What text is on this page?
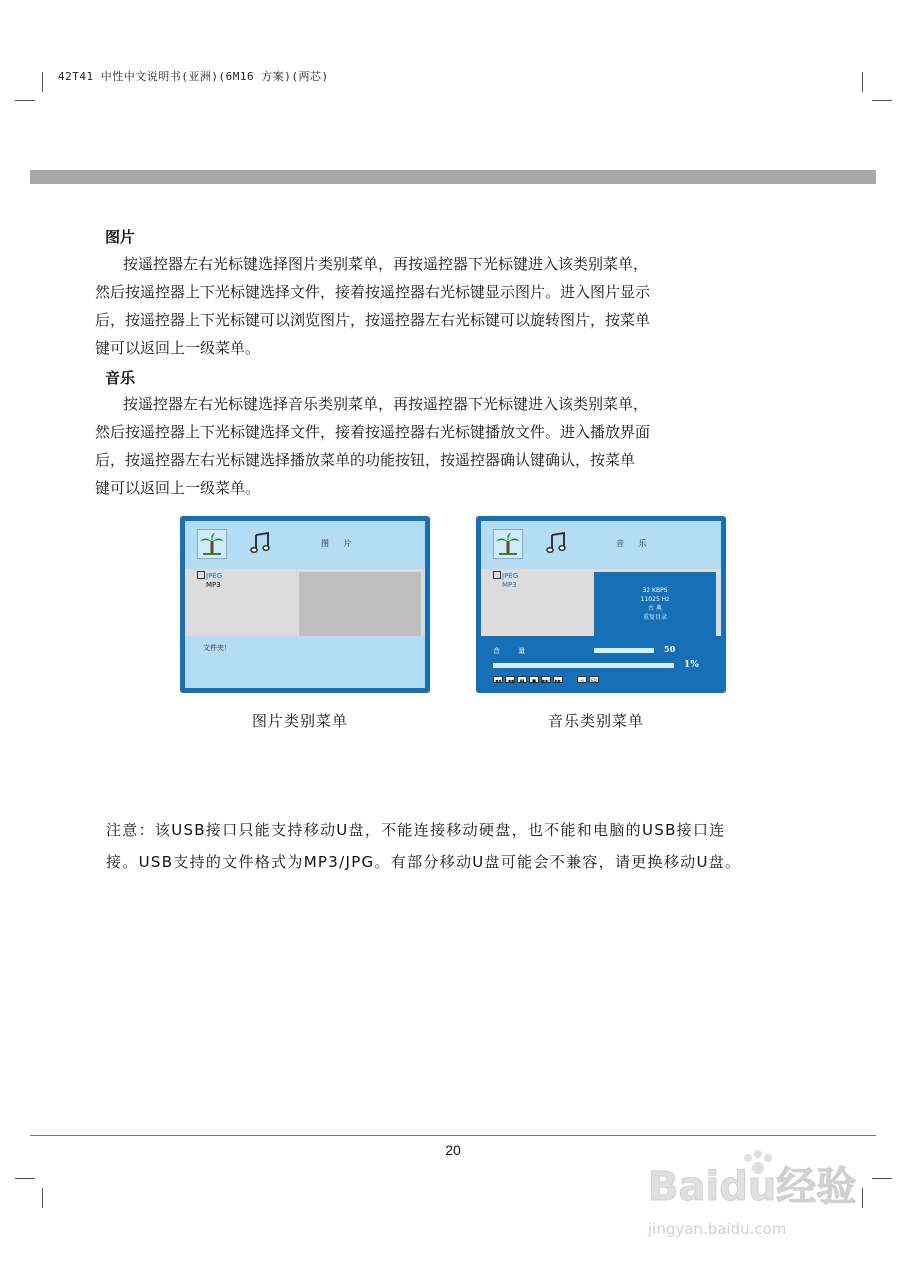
42T41 中性中文说明书(亚洲)(6M16 方案)(两芯)
图片

按遥控器左右光标键选择图片类别菜单，再按遥控器下光标键进入该类别菜单，
然后按遥控器上下光标键选择文件，接着按遥控器右光标键显示图片。进入图片显示
后，按遥控器上下光标键可以浏览图片，按遥控器左右光标键可以旋转图片，按菜单
键可以返回上一级菜单。

音乐

按遥控器左右光标键选择音乐类别菜单，再按遥控器下光标键进入该类别菜单，
然后按遥控器上下光标键选择文件，接着按遥控器右光标键播放文件。进入播放界面
后，按遥控器左右光标键选择播放菜单的功能按钮，按遥控器确认键确认，按菜单
键可以返回上一级菜单。

图 片
JPEG
MP3
文件夹！
音 乐
JPEG
MP3
32 KBPS
11025 Hz
古 典
重复目录
音 量	50
1%
◀◀	|◀◀	▮▮	■	▶▶|	▶▶	⟲	EQ
图片类别菜单	音乐类别菜单

注意：该USB接口只能支持移动U盘，不能连接移动硬盘，也不能和电脑的USB接口连
接。USB支持的文件格式为MP3/JPG。有部分移动U盘可能会不兼容，请更换移动U盘。

20
Baidu经验
jingyan.baidu.com
